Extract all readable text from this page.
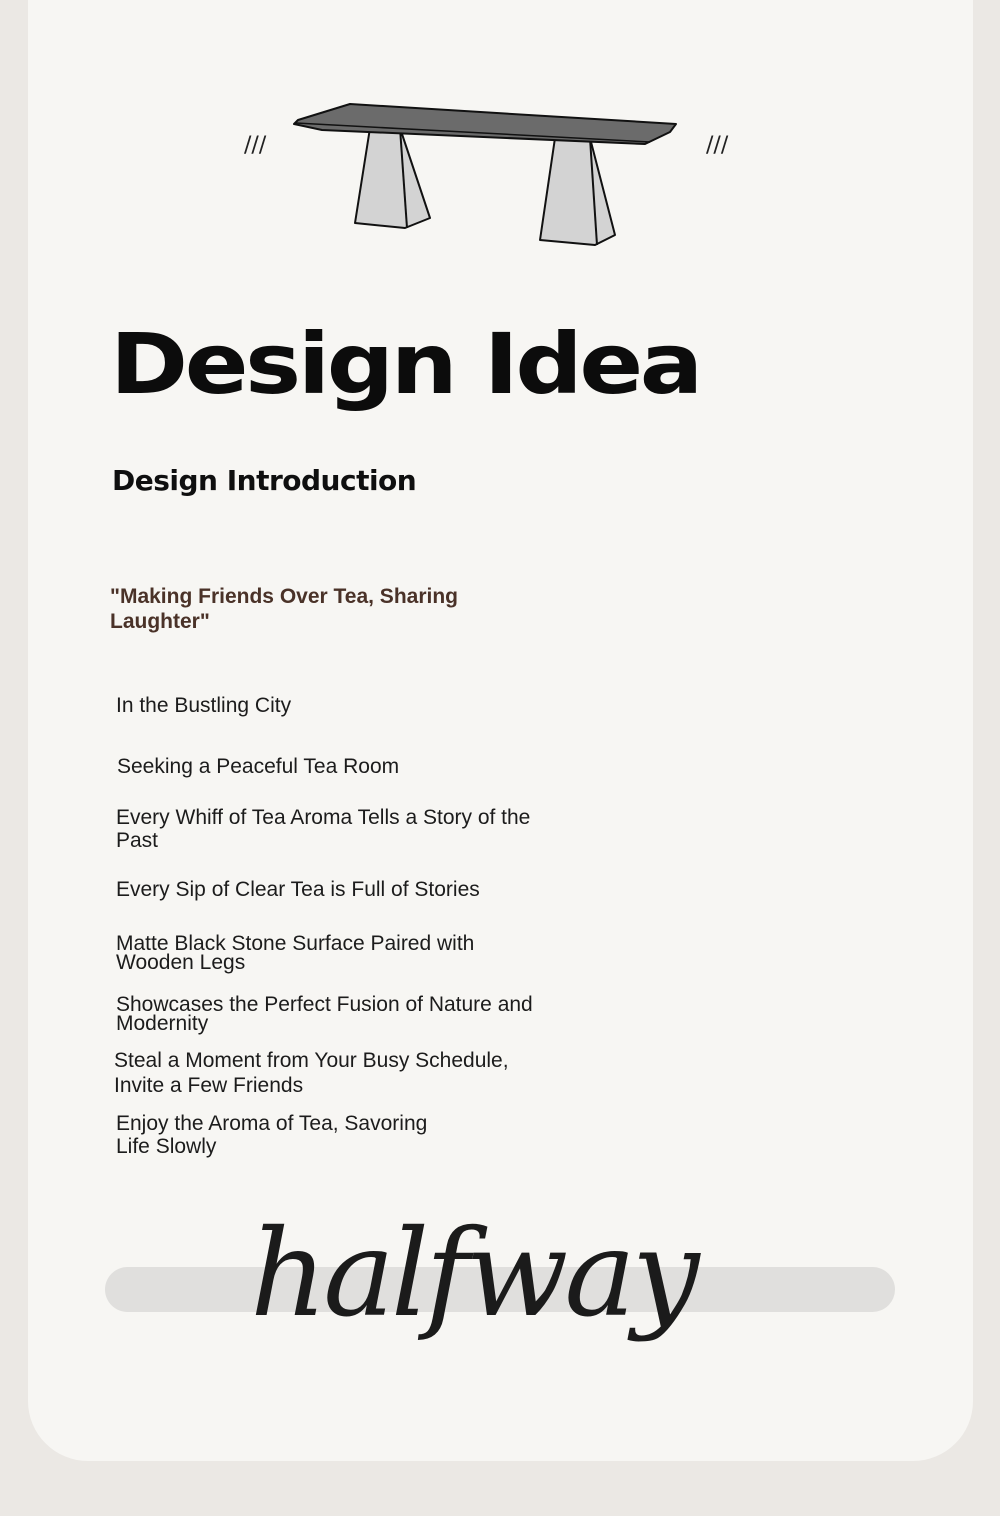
///	///
Design Idea
Design Introduction

"Making Friends Over Tea, Sharing Laughter"

In the Bustling City

Seeking a Peaceful Tea Room

Every Whiff of Tea Aroma Tells a Story of the Past

Every Sip of Clear Tea is Full of Stories

Matte Black Stone Surface Paired with Wooden Legs

Showcases the Perfect Fusion of Nature and Modernity

Steal a Moment from Your Busy Schedule, Invite a Few Friends

Enjoy the Aroma of Tea, Savoring Life Slowly

halfway
